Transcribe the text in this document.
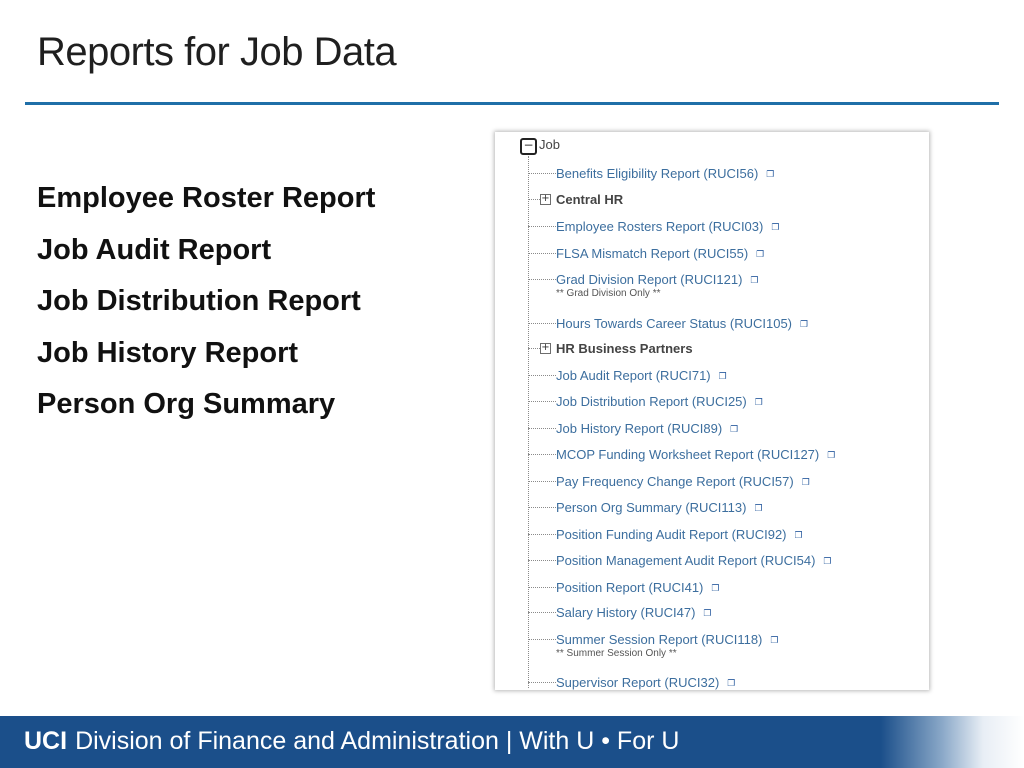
Reports for Job Data
Employee Roster Report
Job Audit Report
Job Distribution Report
Job History Report
Person Org Summary
− Job
Benefits Eligibility Report (RUCI56) ❐
+ Central HR
Employee Rosters Report (RUCI03) ❐
FLSA Mismatch Report (RUCI55) ❐
Grad Division Report (RUCI121) ❐
** Grad Division Only **
Hours Towards Career Status (RUCI105) ❐
+ HR Business Partners
Job Audit Report (RUCI71) ❐
Job Distribution Report (RUCI25) ❐
Job History Report (RUCI89) ❐
MCOP Funding Worksheet Report (RUCI127) ❐
Pay Frequency Change Report (RUCI57) ❐
Person Org Summary (RUCI113) ❐
Position Funding Audit Report (RUCI92) ❐
Position Management Audit Report (RUCI54) ❐
Position Report (RUCI41) ❐
Salary History (RUCI47) ❐
Summer Session Report (RUCI118) ❐
** Summer Session Only **
Supervisor Report (RUCI32) ❐
UCI Division of Finance and Administration | With U • For U
